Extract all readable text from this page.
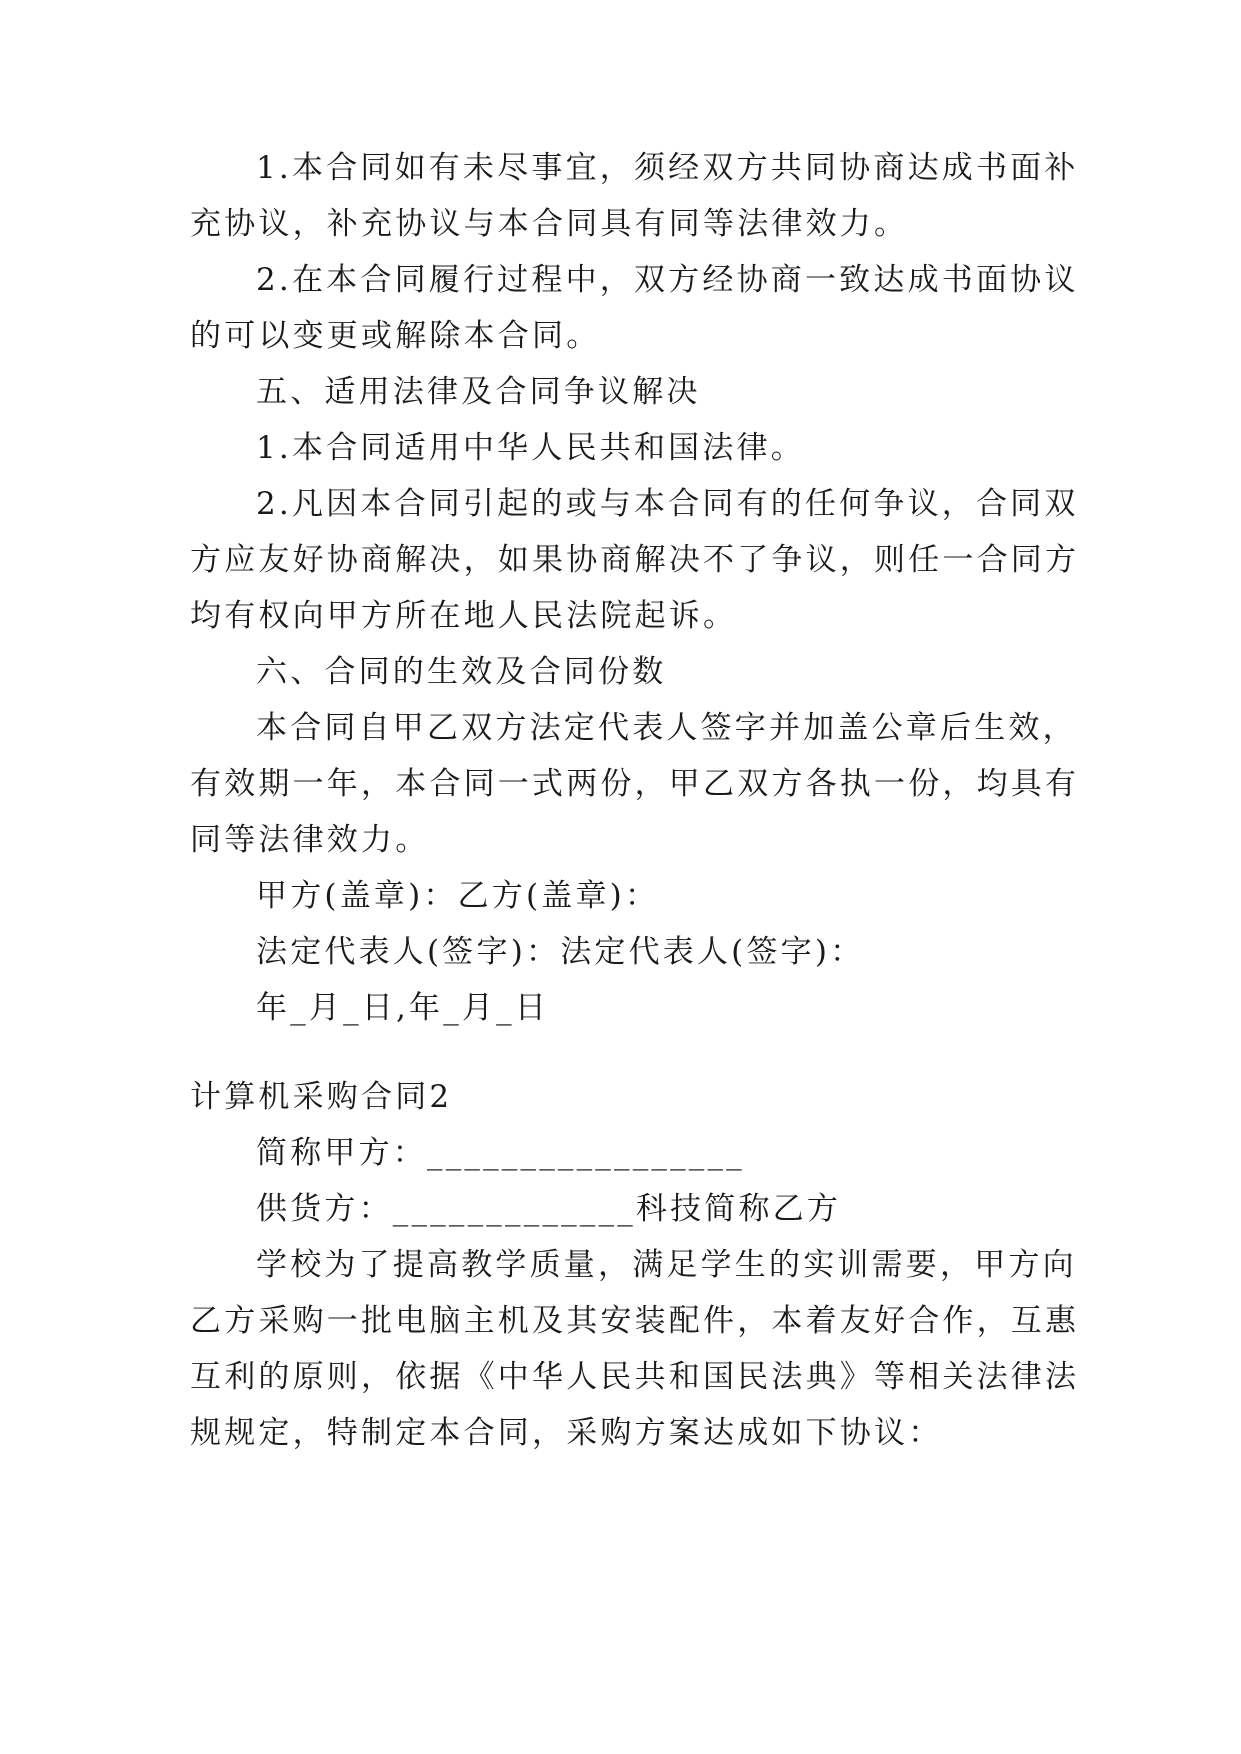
1.本合同如有未尽事宜，须经双方共同协商达成书面补
充协议，补充协议与本合同具有同等法律效力。
2.在本合同履行过程中，双方经协商一致达成书面协议
的可以变更或解除本合同。
五、适用法律及合同争议解决
1.本合同适用中华人民共和国法律。
2.凡因本合同引起的或与本合同有的任何争议，合同双
方应友好协商解决，如果协商解决不了争议，则任一合同方
均有权向甲方所在地人民法院起诉。
六、合同的生效及合同份数
本合同自甲乙双方法定代表人签字并加盖公章后生效，
有效期一年，本合同一式两份，甲乙双方各执一份，均具有
同等法律效力。
甲方(盖章)：乙方(盖章)：
法定代表人(签字)：法定代表人(签字)：
年_月_日,年_月_日
计算机采购合同2
简称甲方：_________________
供货方：_____________科技简称乙方
学校为了提高教学质量，满足学生的实训需要，甲方向
乙方采购一批电脑主机及其安装配件，本着友好合作，互惠
互利的原则，依据《中华人民共和国民法典》等相关法律法
规规定，特制定本合同，采购方案达成如下协议：
